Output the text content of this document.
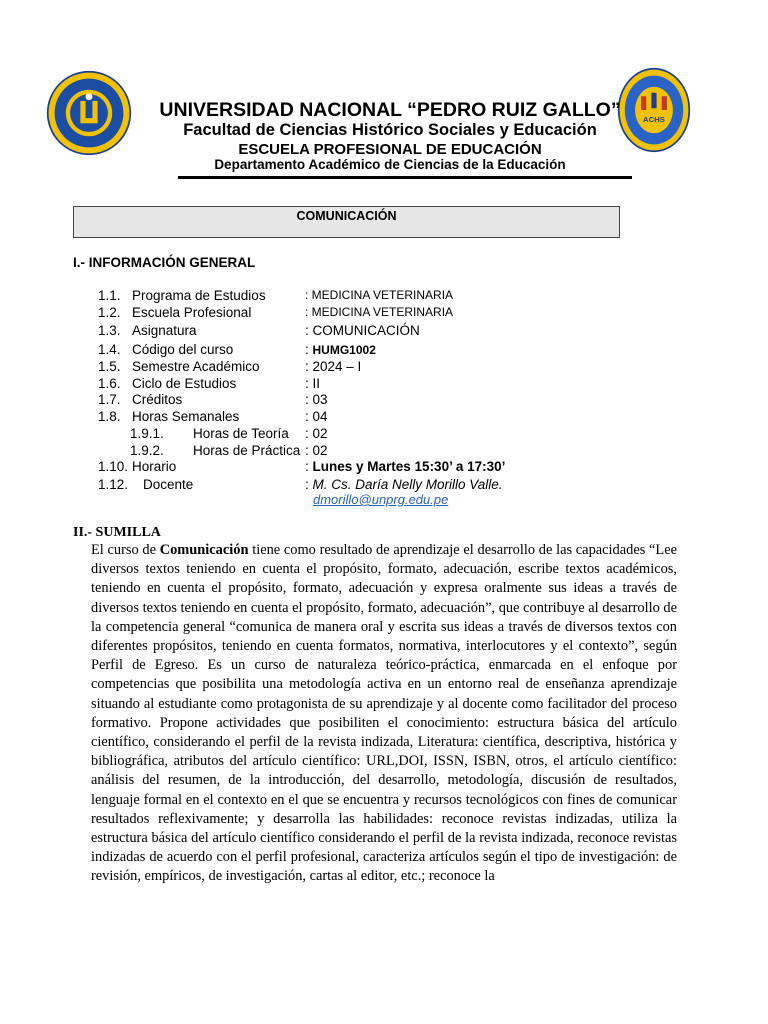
ACHS
UNIVERSIDAD NACIONAL “PEDRO RUIZ GALLO”
Facultad de Ciencias Histórico Sociales y Educación
ESCUELA PROFESIONAL DE EDUCACIÓN
Departamento Académico de Ciencias de la Educación
COMUNICACIÓN
I.- INFORMACIÓN GENERAL
1.1. Programa de Estudios	: MEDICINA VETERINARIA
1.2. Escuela Profesional	: MEDICINA VETERINARIA
1.3. Asignatura	: COMUNICACIÓN
1.4. Código del curso	: HUMG1002
1.5. Semestre Académico	: 2024 – I
1.6. Ciclo de Estudios	: II
1.7. Créditos	: 03
1.8. Horas Semanales	: 04
1.9.1. Horas de Teoría : 02
1.9.2. Horas de Práctica : 02
1.10. Horario	: Lunes y Martes 15:30’ a 17:30’
1.12. Docente	: M. Cs. Daría Nelly Morillo Valle.
dmorillo@unprg.edu.pe
II.- SUMILLA

El curso de Comunicación tiene como resultado de aprendizaje el desarrollo de las capacidades “Lee diversos textos teniendo en cuenta el propósito, formato, adecuación, escribe textos académicos, teniendo en cuenta el propósito, formato, adecuación y expresa oralmente sus ideas a través de diversos textos teniendo en cuenta el propósito, formato, adecuación”, que contribuye al desarrollo de la competencia general “comunica de manera oral y escrita sus ideas a través de diversos textos con diferentes propósitos, teniendo en cuenta formatos, normativa, interlocutores y el contexto”, según Perfil de Egreso. Es un curso de naturaleza teórico-práctica, enmarcada en el enfoque por competencias que posibilita una metodología activa en un entorno real de enseñanza aprendizaje situando al estudiante como protagonista de su aprendizaje y al docente como facilitador del proceso formativo. Propone actividades que posibiliten el conocimiento: estructura básica del artículo científico, considerando el perfil de la revista indizada, Literatura: científica, descriptiva, histórica y bibliográfica, atributos del artículo científico: URL,DOI, ISSN, ISBN, otros, el artículo científico: análisis del resumen, de la introducción, del desarrollo, metodología, discusión de resultados, lenguaje formal en el contexto en el que se encuentra y recursos tecnológicos con fines de comunicar resultados reflexivamente; y desarrolla las habilidades: reconoce revistas indizadas, utiliza la estructura básica del artículo científico considerando el perfil de la revista indizada, reconoce revistas indizadas de acuerdo con el perfil profesional, caracteriza artículos según el tipo de investigación: de revisión, empíricos, de investigación, cartas al editor, etc.; reconoce la
